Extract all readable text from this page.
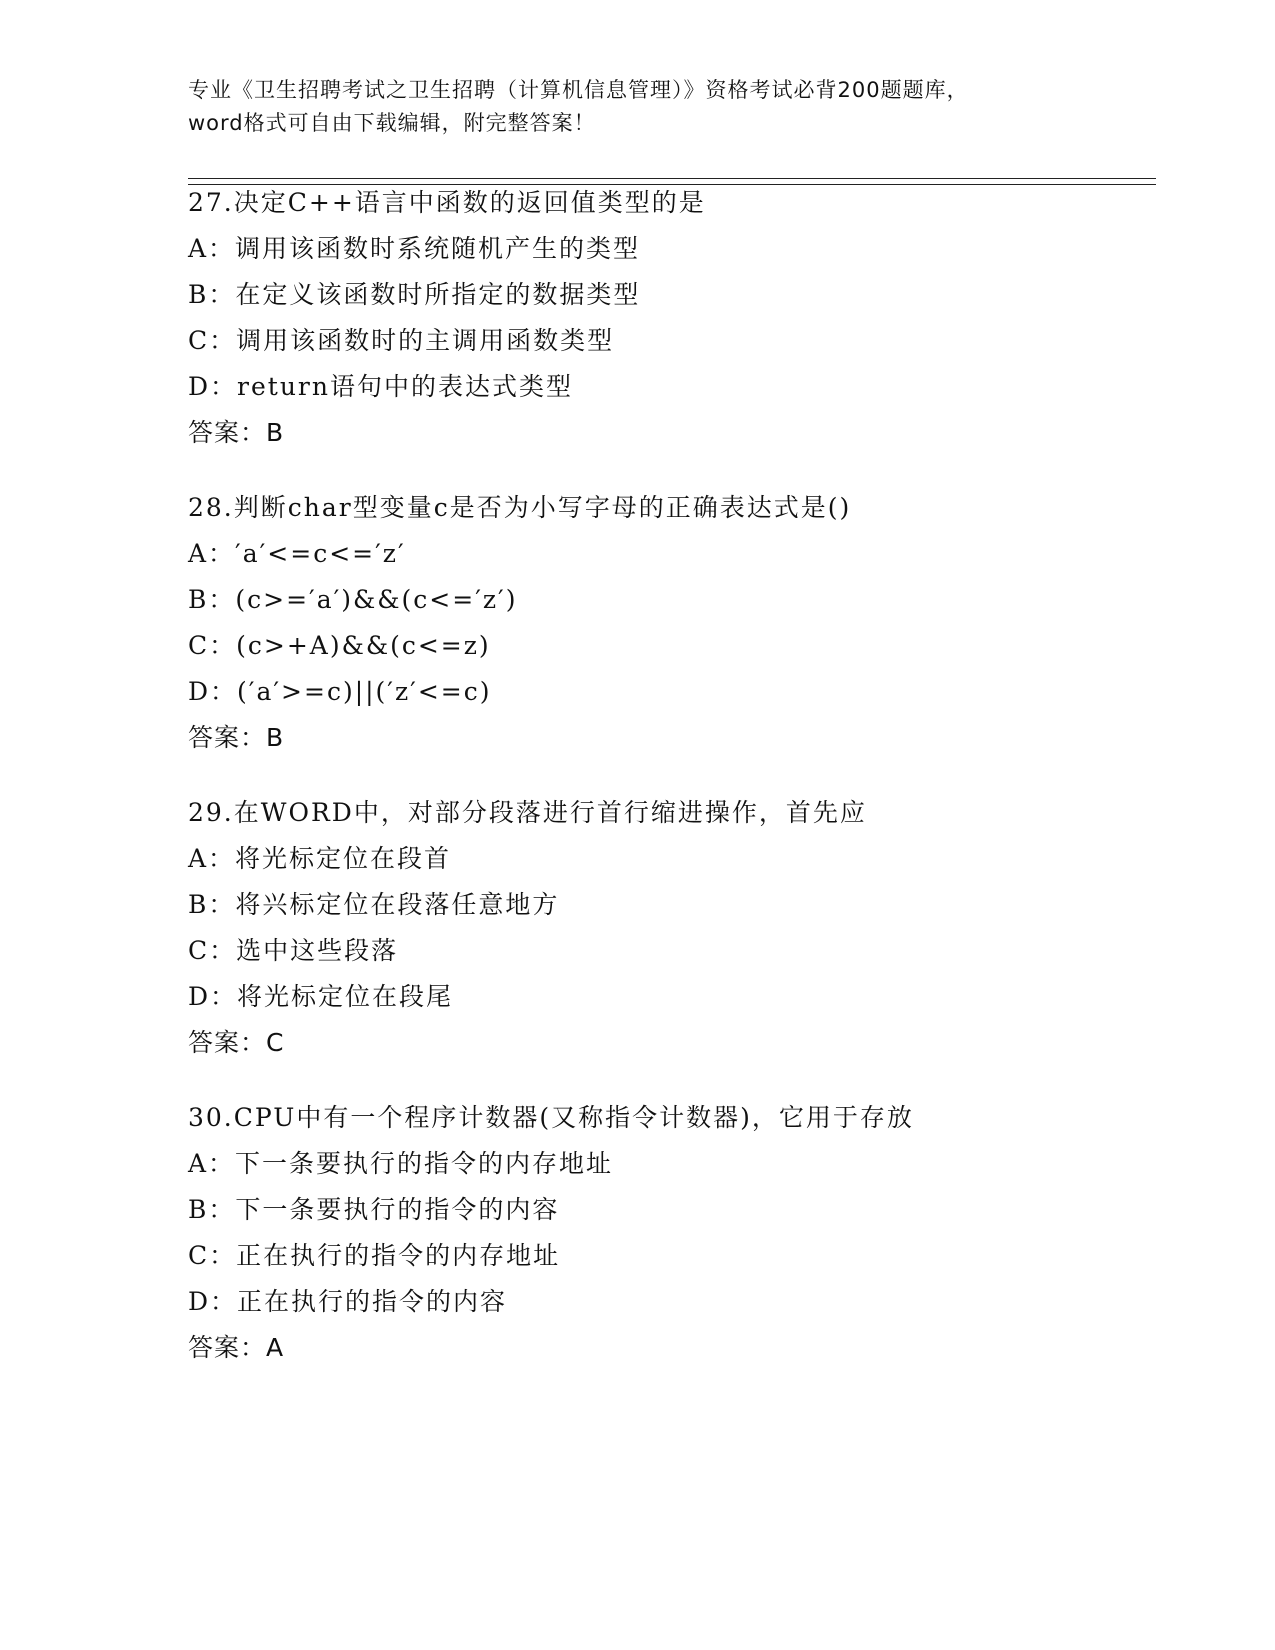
专业《卫生招聘考试之卫生招聘（计算机信息管理）》资格考试必背200题题库，
word格式可自由下载编辑，附完整答案！
27.决定C++语言中函数的返回值类型的是
A：调用该函数时系统随机产生的类型
B：在定义该函数时所指定的数据类型
C：调用该函数时的主调用函数类型
D：return语句中的表达式类型
答案：B
28.判断char型变量c是否为小写字母的正确表达式是()
A：′a′<=c<=′z′
B：(c>=′a′)&&(c<=′z′)
C：(c>+A)&&(c<=z)
D：(′a′>=c)||(′z′<=c)
答案：B
29.在WORD中，对部分段落进行首行缩进操作，首先应
A：将光标定位在段首
B：将兴标定位在段落任意地方
C：选中这些段落
D：将光标定位在段尾
答案：C
30.CPU中有一个程序计数器(又称指令计数器)，它用于存放
A：下一条要执行的指令的内存地址
B：下一条要执行的指令的内容
C：正在执行的指令的内存地址
D：正在执行的指令的内容
答案：A
